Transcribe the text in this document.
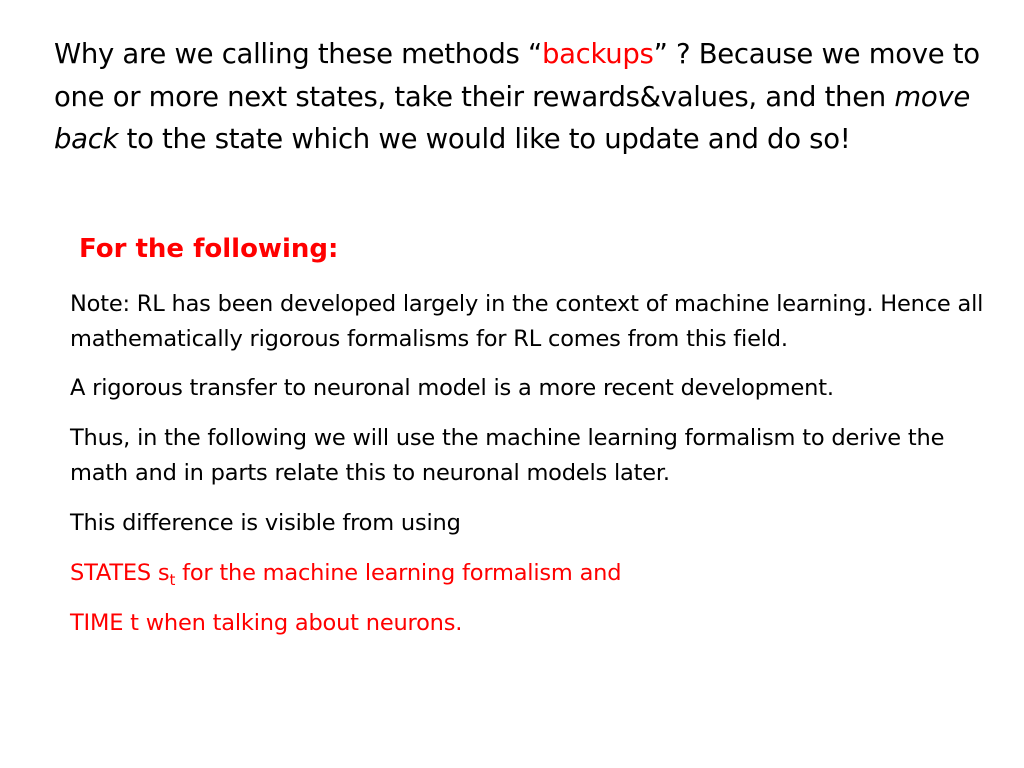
Why are we calling these methods “backups” ? Because we move to one or more next states, take their rewards&values, and then move back to the state which we would like to update and do so!
For the following:

Note: RL has been developed largely in the context of machine learning. Hence all mathematically rigorous formalisms for RL comes from this field.

A rigorous transfer to neuronal model is a more recent development.

Thus, in the following we will use the machine learning formalism to derive the math and in parts relate this to neuronal models later.

This difference is visible from using

STATES $s_t$ for the machine learning formalism and

TIME t when talking about neurons.
